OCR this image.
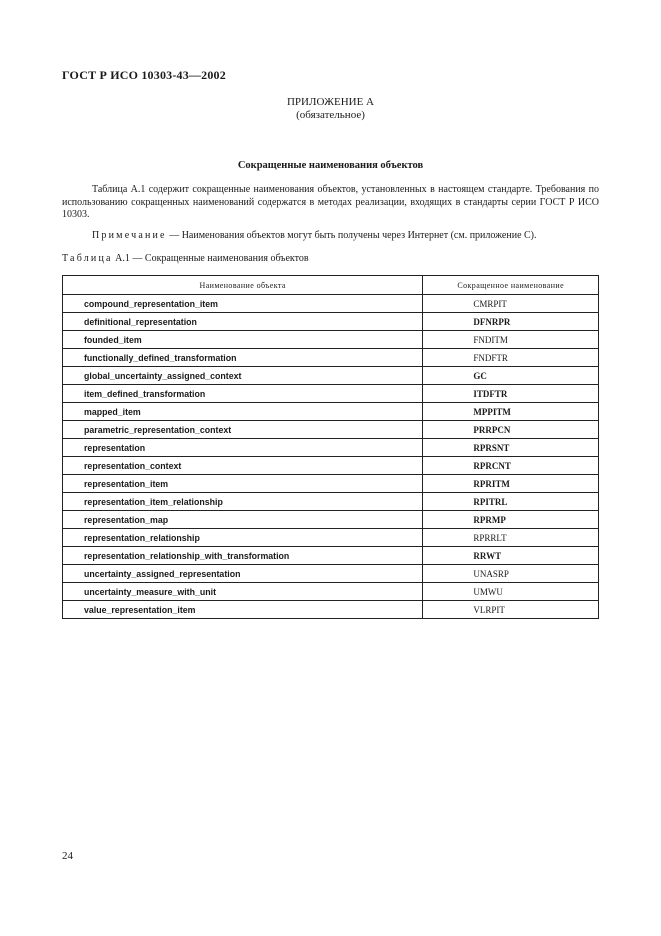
ГОСТ Р ИСО 10303-43—2002
ПРИЛОЖЕНИЕ А
(обязательное)
Сокращенные наименования объектов

Таблица А.1 содержит сокращенные наименования объектов, установленных в настоящем стандарте. Требования по использованию сокращенных наименований содержатся в методах реализации, входящих в стандарты серии ГОСТ Р ИСО 10303.

Примечание — Наименования объектов могут быть получены через Интернет (см. приложение С).
Таблица А.1 — Сокращенные наименования объектов
Наименование объекта	Сокращенное наименование
compound_representation_item	CMRPIT
definitional_representation	DFNRPR
founded_item	FNDITM
functionally_defined_transformation	FNDFTR
global_uncertainty_assigned_context	GC
item_defined_transformation	ITDFTR
mapped_item	MPPITM
parametric_representation_context	PRRPCN
representation	RPRSNT
representation_context	RPRCNT
representation_item	RPRITM
representation_item_relationship	RPITRL
representation_map	RPRMP
representation_relationship	RPRRLT
representation_relationship_with_transformation	RRWT
uncertainty_assigned_representation	UNASRP
uncertainty_measure_with_unit	UMWU
value_representation_item	VLRPIT
24
